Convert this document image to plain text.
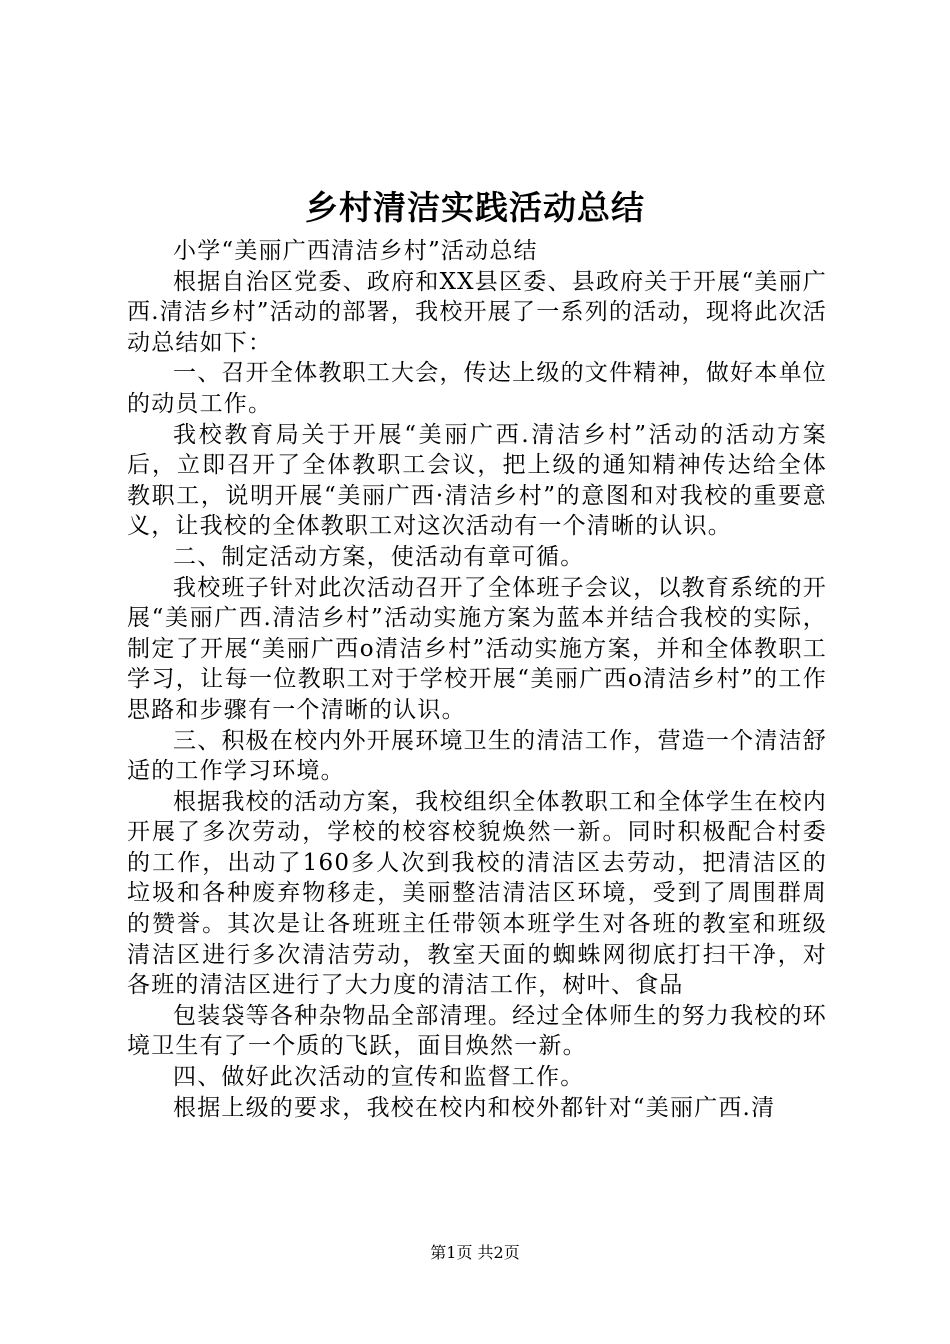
乡村清洁实践活动总结

小学“美丽广西清洁乡村”活动总结

根据自治区党委、政府和XX县区委、县政府关于开展“美丽广西.清洁乡村”活动的部署，我校开展了一系列的活动，现将此次活动总结如下：

一、召开全体教职工大会，传达上级的文件精神，做好本单位的动员工作。

我校教育局关于开展“美丽广西.清洁乡村”活动的活动方案后，立即召开了全体教职工会议，把上级的通知精神传达给全体教职工，说明开展“美丽广西·清洁乡村”的意图和对我校的重要意义，让我校的全体教职工对这次活动有一个清晰的认识。

二、制定活动方案，使活动有章可循。

我校班子针对此次活动召开了全体班子会议，以教育系统的开展“美丽广西.清洁乡村”活动实施方案为蓝本并结合我校的实际，制定了开展“美丽广西o清洁乡村”活动实施方案，并和全体教职工学习，让每一位教职工对于学校开展“美丽广西o清洁乡村”的工作思路和步骤有一个清晰的认识。

三、积极在校内外开展环境卫生的清洁工作，营造一个清洁舒适的工作学习环境。

根据我校的活动方案，我校组织全体教职工和全体学生在校内开展了多次劳动，学校的校容校貌焕然一新。同时积极配合村委的工作，出动了160多人次到我校的清洁区去劳动，把清洁区的垃圾和各种废弃物移走，美丽整洁清洁区环境，受到了周围群周的赞誉。其次是让各班班主任带领本班学生对各班的教室和班级清洁区进行多次清洁劳动，教室天面的蜘蛛网彻底打扫干净，对各班的清洁区进行了大力度的清洁工作，树叶、食品

包装袋等各种杂物品全部清理。经过全体师生的努力我校的环境卫生有了一个质的飞跃，面目焕然一新。

四、做好此次活动的宣传和监督工作。

根据上级的要求，我校在校内和校外都针对“美丽广西.清

第1页 共2页
